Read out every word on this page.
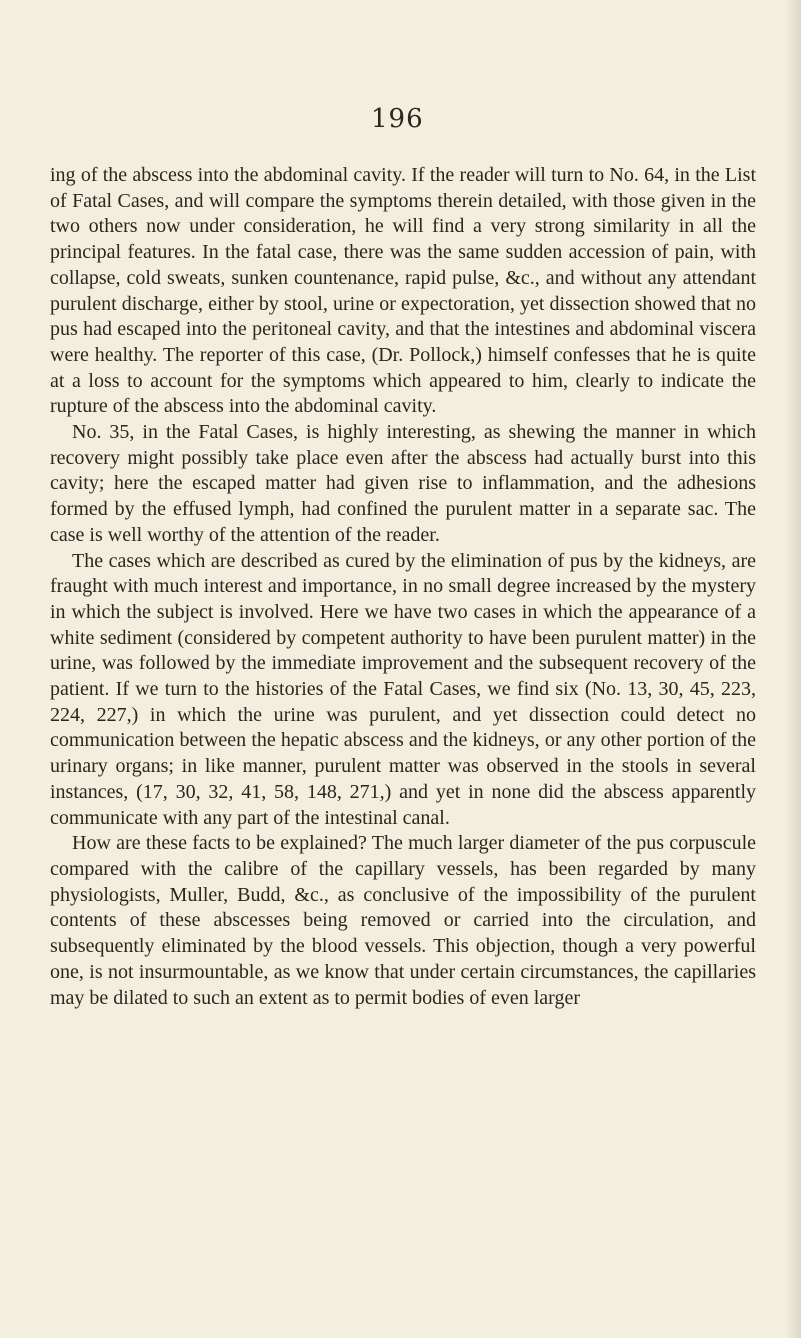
196

ing of the abscess into the abdominal cavity. If the reader will turn to No. 64, in the List of Fatal Cases, and will compare the symptoms therein detailed, with those given in the two others now under consideration, he will find a very strong similarity in all the principal features. In the fatal case, there was the same sudden accession of pain, with collapse, cold sweats, sunken countenance, rapid pulse, &c., and without any attendant purulent discharge, either by stool, urine or expectoration, yet dissection showed that no pus had escaped into the peritoneal cavity, and that the intestines and abdominal viscera were healthy. The reporter of this case, (Dr. Pollock,) himself confesses that he is quite at a loss to account for the symptoms which appeared to him, clearly to indicate the rupture of the abscess into the abdominal cavity.

No. 35, in the Fatal Cases, is highly interesting, as shewing the manner in which recovery might possibly take place even after the abscess had actually burst into this cavity; here the escaped matter had given rise to inflammation, and the adhesions formed by the effused lymph, had confined the purulent matter in a separate sac. The case is well worthy of the attention of the reader.

The cases which are described as cured by the elimination of pus by the kidneys, are fraught with much interest and importance, in no small degree increased by the mystery in which the subject is involved. Here we have two cases in which the appearance of a white sediment (considered by competent authority to have been purulent matter) in the urine, was followed by the immediate improvement and the subsequent recovery of the patient. If we turn to the histories of the Fatal Cases, we find six (No. 13, 30, 45, 223, 224, 227,) in which the urine was purulent, and yet dissection could detect no communication between the hepatic abscess and the kidneys, or any other portion of the urinary organs; in like manner, purulent matter was observed in the stools in several instances, (17, 30, 32, 41, 58, 148, 271,) and yet in none did the abscess apparently communicate with any part of the intestinal canal.

How are these facts to be explained? The much larger diameter of the pus corpuscule compared with the calibre of the capillary vessels, has been regarded by many physiologists, Muller, Budd, &c., as conclusive of the impossibility of the purulent contents of these abscesses being removed or carried into the circulation, and subsequently eliminated by the blood vessels. This objection, though a very powerful one, is not insurmountable, as we know that under certain circumstances, the capillaries may be dilated to such an extent as to permit bodies of even larger
